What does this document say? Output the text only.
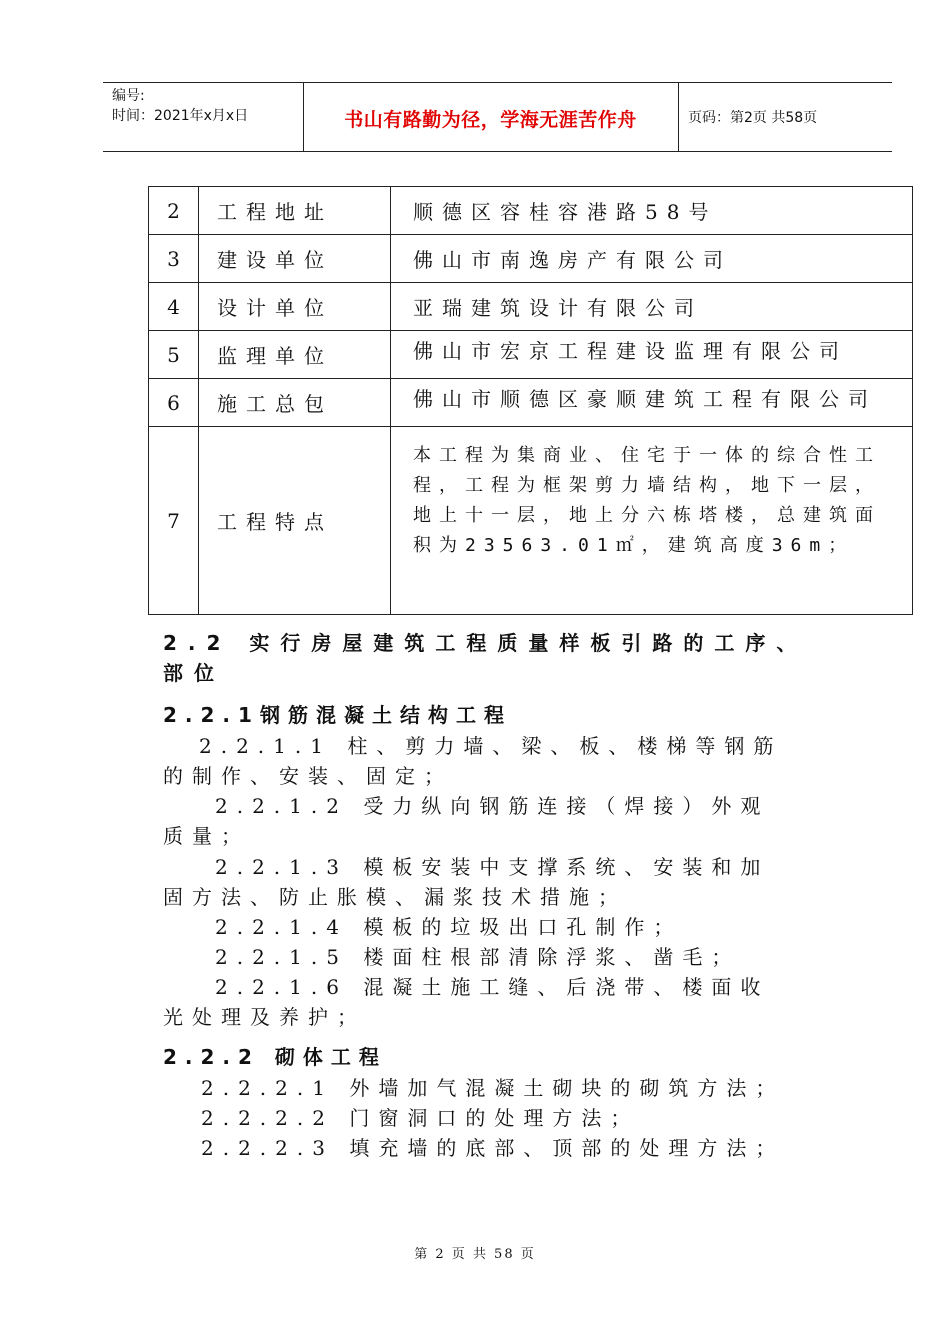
编号:
时间：2021年x月x日	书山有路勤为径，学海无涯苦作舟	页码：第2页 共58页
2	工程地址	顺德区容桂容港路58号
3	建设单位	佛山市南逸房产有限公司
4	设计单位	亚瑞建筑设计有限公司
5	监理单位	佛山市宏京工程建设监理有限公司

6	施工总包	佛山市顺德区豪顺建筑工程有限公司

7	工程特点	本工程为集商业、住宅于一体的综合性工程，工程为框架剪力墙结构，地下一层，地上十一层，地上分六栋塔楼，总建筑面积为23563.01㎡，建筑高度36m；
2.2 实行房屋建筑工程质量样板引路的工序、
部位
2.2.1钢筋混凝土结构工程
2.2.1.1 柱、剪力墙、梁、板、楼梯等钢筋
的制作、安装、固定；
2.2.1.2 受力纵向钢筋连接（焊接）外观
质量；
2.2.1.3 模板安装中支撑系统、安装和加
固方法、防止胀模、漏浆技术措施；
2.2.1.4 模板的垃圾出口孔制作；
2.2.1.5 楼面柱根部清除浮浆、凿毛；
2.2.1.6 混凝土施工缝、后浇带、楼面收
光处理及养护；
2.2.2 砌体工程
2.2.2.1 外墙加气混凝土砌块的砌筑方法；
2.2.2.2 门窗洞口的处理方法；
2.2.2.3 填充墙的底部、顶部的处理方法；
第 2 页 共 58 页
